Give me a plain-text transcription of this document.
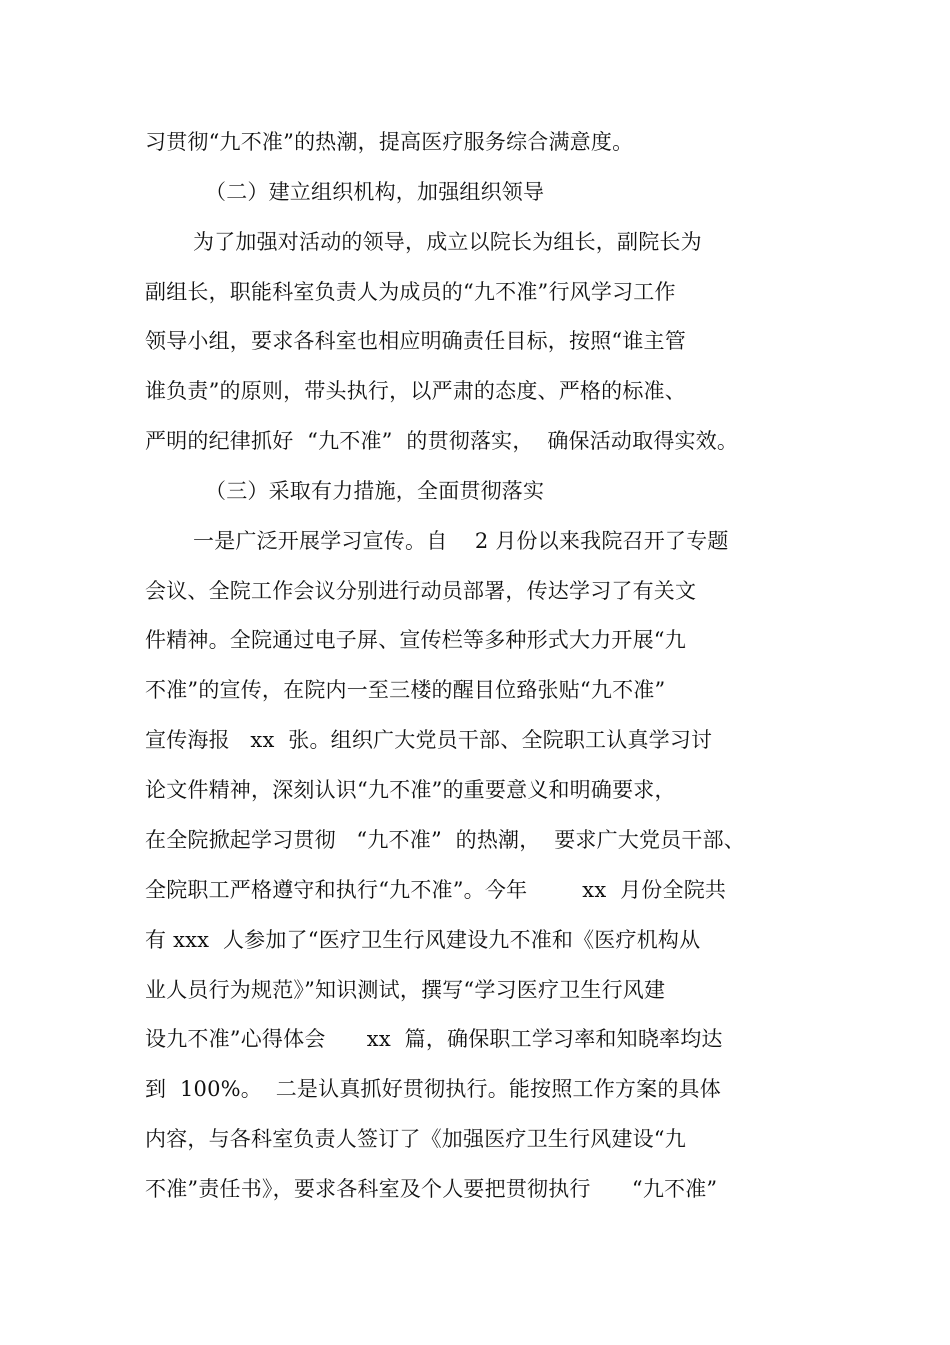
习贯彻“九不准”的热潮，提高医疗服务综合满意度。
（二）建立组织机构，加强组织领导
为了加强对活动的领导，成立以院长为组长，副院长为
副组长，职能科室负责人为成员的“九不准”行风学习工作
领导小组，要求各科室也相应明确责任目标，按照“谁主管
谁负责”的原则，带头执行，以严肃的态度、严格的标准、
严明的纪律抓好  “九不准”  的贯彻落实，  确保活动取得实效。
（三）采取有力措施，全面贯彻落实
一是广泛开展学习宣传。自    2 月份以来我院召开了专题
会议、全院工作会议分别进行动员部署，传达学习了有关文
件精神。全院通过电子屏、宣传栏等多种形式大力开展“九
不准”的宣传，在院内一至三楼的醒目位臵张贴“九不准”
宣传海报   xx  张。组织广大党员干部、全院职工认真学习讨
论文件精神，深刻认识“九不准”的重要意义和明确要求，
在全院掀起学习贯彻   “九不准”  的热潮，  要求广大党员干部、
全院职工严格遵守和执行“九不准”。今年        xx  月份全院共
有 xxx  人参加了“医疗卫生行风建设九不准和《医疗机构从
业人员行为规范》”知识测试，撰写“学习医疗卫生行风建
设九不准”心得体会      xx  篇，确保职工学习率和知晓率均达
到  100%。  二是认真抓好贯彻执行。能按照工作方案的具体
内容，与各科室负责人签订了《加强医疗卫生行风建设“九
不准”责任书》，要求各科室及个人要把贯彻执行      “九不准”
